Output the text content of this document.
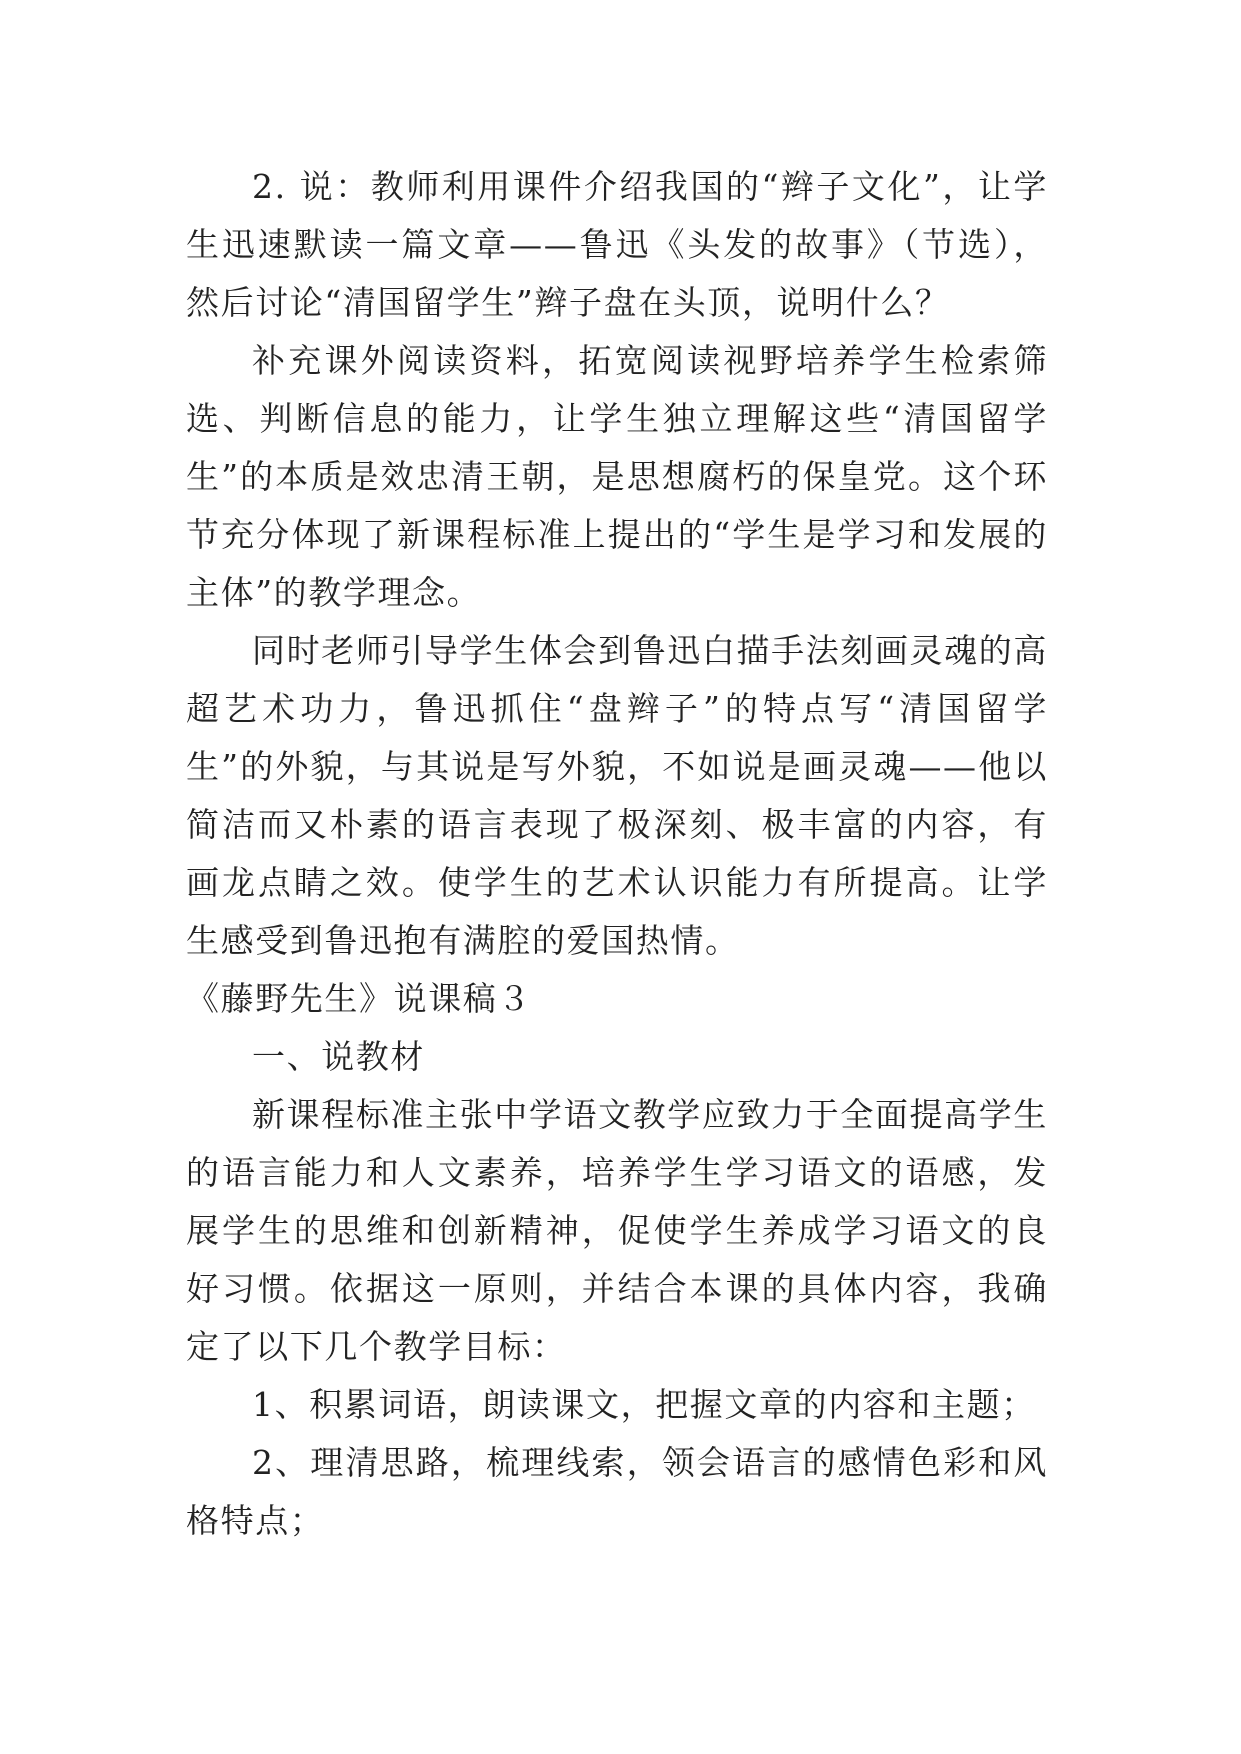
2. 说：教师利用课件介绍我国的“辫子文化”，让学生迅速默读一篇文章——鲁迅《头发的故事》（节选），然后讨论“清国留学生”辫子盘在头顶，说明什么？

补充课外阅读资料，拓宽阅读视野培养学生检索筛选、判断信息的能力，让学生独立理解这些“清国留学生”的本质是效忠清王朝，是思想腐朽的保皇党。这个环节充分体现了新课程标准上提出的“学生是学习和发展的主体”的教学理念。

同时老师引导学生体会到鲁迅白描手法刻画灵魂的高超艺术功力，鲁迅抓住“盘辫子”的特点写“清国留学生”的外貌，与其说是写外貌，不如说是画灵魂——他以简洁而又朴素的语言表现了极深刻、极丰富的内容，有画龙点睛之效。使学生的艺术认识能力有所提高。让学生感受到鲁迅抱有满腔的爱国热情。

《藤野先生》说课稿３

一、说教材

新课程标准主张中学语文教学应致力于全面提高学生的语言能力和人文素养，培养学生学习语文的语感，发展学生的思维和创新精神，促使学生养成学习语文的良好习惯。依据这一原则，并结合本课的具体内容，我确定了以下几个教学目标：

1、积累词语，朗读课文，把握文章的内容和主题；

2、理清思路，梳理线索，领会语言的感情色彩和风格特点；
